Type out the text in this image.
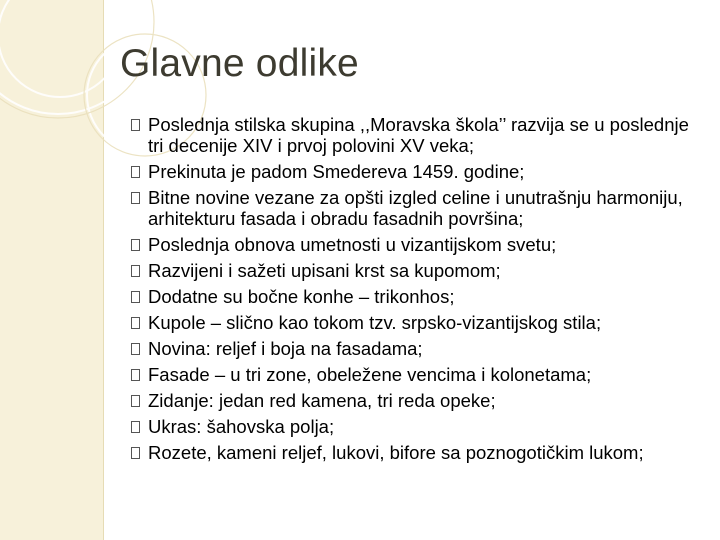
Glavne odlike
Poslednja stilska skupina ,,Moravska škola’’ razvija se u poslednje tri decenije XIV i prvoj polovini XV veka;
Prekinuta je padom Smedereva 1459. godine;
Bitne novine vezane za opšti izgled celine i unutrašnju harmoniju, arhitekturu fasada i obradu fasadnih površina;
Poslednja obnova umetnosti u vizantijskom svetu;
Razvijeni i sažeti upisani krst sa kupomom;
Dodatne su bočne konhe – trikonhos;
Kupole – slično kao tokom tzv. srpsko-vizantijskog stila;
Novina: reljef i boja na fasadama;
Fasade – u tri zone, obeležene vencima i kolonetama;
Zidanje: jedan red kamena, tri reda opeke;
Ukras: šahovska polja;
Rozete, kameni reljef, lukovi, bifore sa poznogotičkim lukom;
